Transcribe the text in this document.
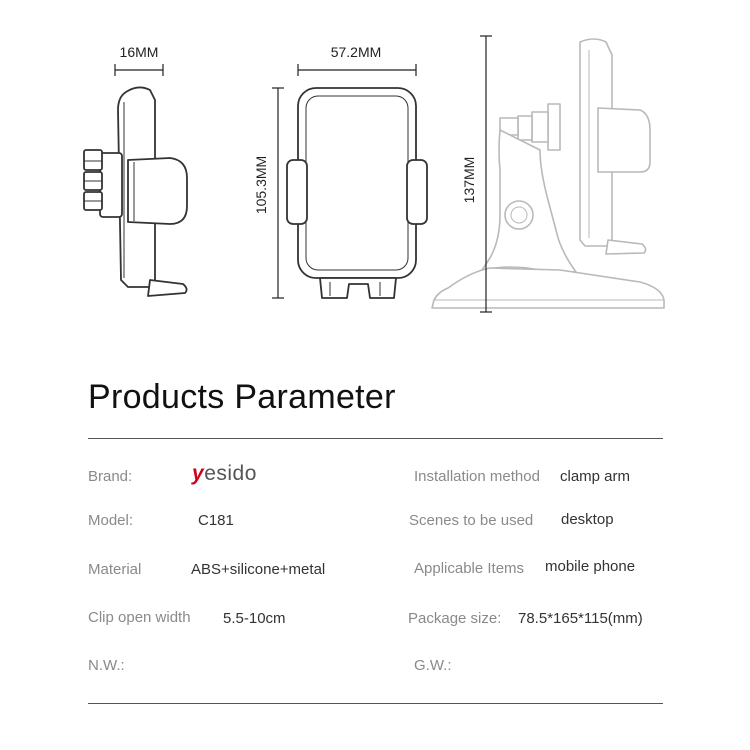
16MM	57.2MM
105.3MM	137MM
Products Parameter
Brand:	yesido	Installation method clamp arm
Model:	C181	Scenes to be used desktop
Material	ABS+silicone+metal	Applicable Items mobile phone
Clip open width 5.5-10cm	Package size: 78.5*165*115(mm)
N.W.:	G.W.:
